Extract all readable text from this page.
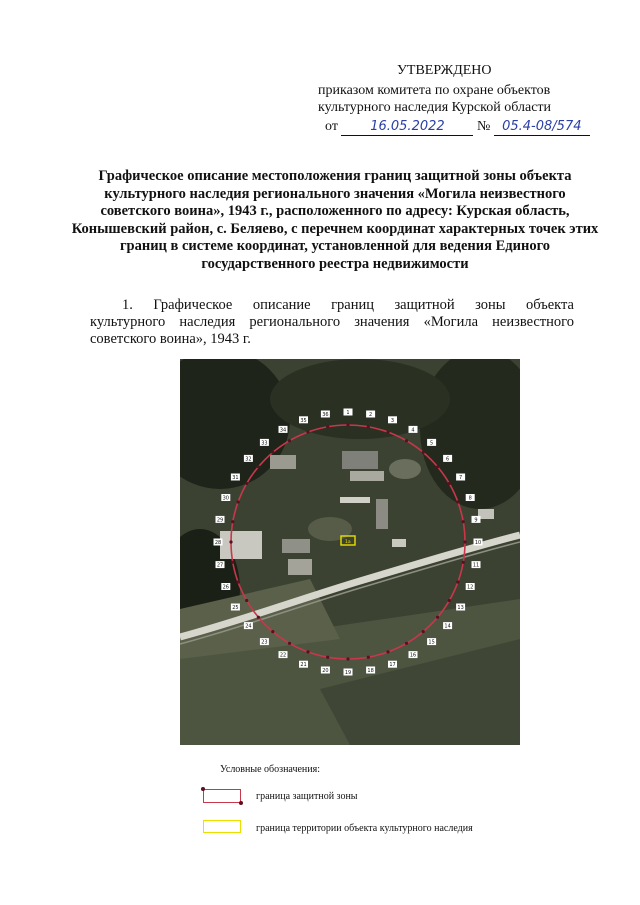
УТВЕРЖДЕНО
приказом комитета по охране объектов
культурного наследия Курской области
от 16.05.2022 № 05.4-08/574
Графическое описание местоположения границ защитной зоны объекта культурного наследия регионального значения «Могила неизвестного советского воина», 1943 г., расположенного по адресу: Курская область, Конышевский район, с. Беляево, с перечнем координат характерных точек этих границ в системе координат, установленной для ведения Единого государственного реестра недвижимости
1. Графическое описание границ защитной зоны объекта
культурного наследия регионального значения «Могила неизвестного советского воина», 1943 г.
1а
1	2
3
4
5
6
7
8
9
10
11
12
13
14
15
16
17
18
19
20
21
22
23
24
25
26
27
28
29
30
31
32
33
34
35
36
Условные обозначения:
граница защитной зоны
граница территории объекта культурного наследия
